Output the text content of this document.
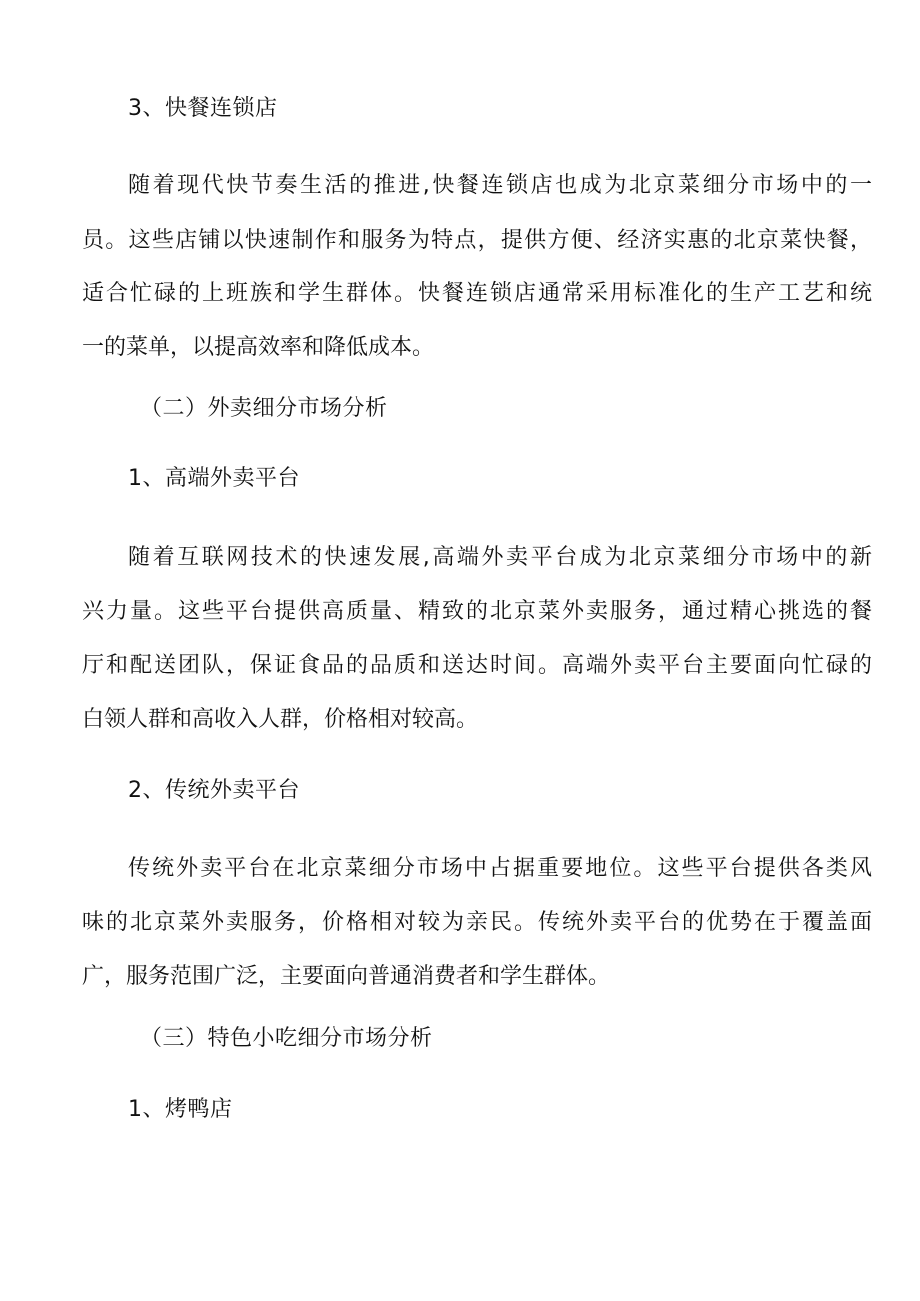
3、快餐连锁店
随着现代快节奏生活的推进,快餐连锁店也成为北京菜细分市场中的一
员。这些店铺以快速制作和服务为特点，提供方便、经济实惠的北京菜快餐，
适合忙碌的上班族和学生群体。快餐连锁店通常采用标准化的生产工艺和统
一的菜单，以提高效率和降低成本。
（二）外卖细分市场分析
1、高端外卖平台
随着互联网技术的快速发展,高端外卖平台成为北京菜细分市场中的新
兴力量。这些平台提供高质量、精致的北京菜外卖服务，通过精心挑选的餐
厅和配送团队，保证食品的品质和送达时间。高端外卖平台主要面向忙碌的
白领人群和高收入人群，价格相对较高。
2、传统外卖平台
传统外卖平台在北京菜细分市场中占据重要地位。这些平台提供各类风
味的北京菜外卖服务，价格相对较为亲民。传统外卖平台的优势在于覆盖面
广，服务范围广泛，主要面向普通消费者和学生群体。
（三）特色小吃细分市场分析
1、烤鸭店
